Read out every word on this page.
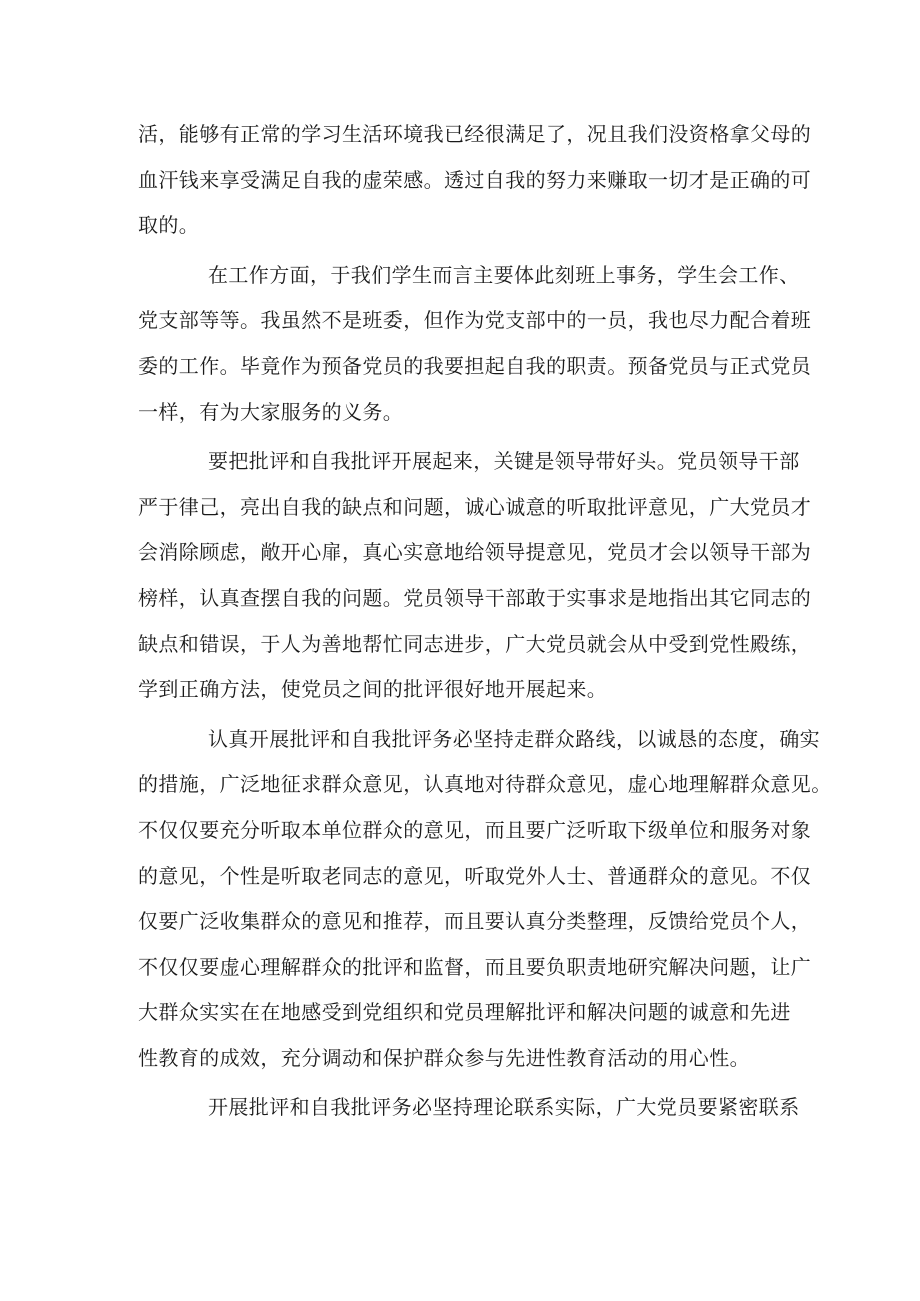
活，能够有正常的学习生活环境我已经很满足了，况且我们没资格拿父母的
血汗钱来享受满足自我的虚荣感。透过自我的努力来赚取一切才是正确的可
取的。
在工作方面，于我们学生而言主要体此刻班上事务，学生会工作、
党支部等等。我虽然不是班委，但作为党支部中的一员，我也尽力配合着班
委的工作。毕竟作为预备党员的我要担起自我的职责。预备党员与正式党员
一样，有为大家服务的义务。
要把批评和自我批评开展起来，关键是领导带好头。党员领导干部
严于律己，亮出自我的缺点和问题，诚心诚意的听取批评意见，广大党员才
会消除顾虑，敞开心扉，真心实意地给领导提意见，党员才会以领导干部为
榜样，认真查摆自我的问题。党员领导干部敢于实事求是地指出其它同志的
缺点和错误，于人为善地帮忙同志进步，广大党员就会从中受到党性殿练，
学到正确方法，使党员之间的批评很好地开展起来。
认真开展批评和自我批评务必坚持走群众路线，以诚恳的态度，确实
的措施，广泛地征求群众意见，认真地对待群众意见，虚心地理解群众意见。
不仅仅要充分听取本单位群众的意见，而且要广泛听取下级单位和服务对象
的意见，个性是听取老同志的意见，听取党外人士、普通群众的意见。不仅
仅要广泛收集群众的意见和推荐，而且要认真分类整理，反馈给党员个人，
不仅仅要虚心理解群众的批评和监督，而且要负职责地研究解决问题，让广
大群众实实在在地感受到党组织和党员理解批评和解决问题的诚意和先进
性教育的成效，充分调动和保护群众参与先进性教育活动的用心性。
开展批评和自我批评务必坚持理论联系实际，广大党员要紧密联系
